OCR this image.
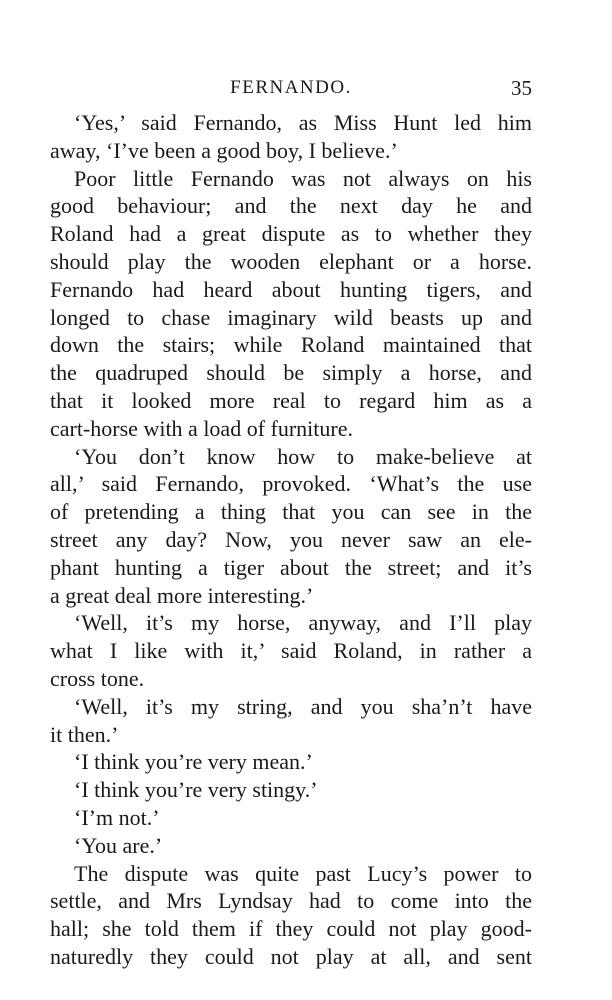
FERNANDO.	35
‘Yes,’ said Fernando, as Miss Hunt led him
away, ‘I’ve been a good boy, I believe.’
Poor little Fernando was not always on his
good behaviour; and the next day he and
Roland had a great dispute as to whether they
should play the wooden elephant or a horse.
Fernando had heard about hunting tigers, and
longed to chase imaginary wild beasts up and
down the stairs; while Roland maintained that
the quadruped should be simply a horse, and
that it looked more real to regard him as a
cart-horse with a load of furniture.
‘You don’t know how to make-believe at
all,’ said Fernando, provoked. ‘What’s the use
of pretending a thing that you can see in the
street any day? Now, you never saw an ele-
phant hunting a tiger about the street; and it’s
a great deal more interesting.’
‘Well, it’s my horse, anyway, and I’ll play
what I like with it,’ said Roland, in rather a
cross tone.
‘Well, it’s my string, and you sha’n’t have
it then.’
‘I think you’re very mean.’
‘I think you’re very stingy.’
‘I’m not.’
‘You are.’
The dispute was quite past Lucy’s power to
settle, and Mrs Lyndsay had to come into the
hall; she told them if they could not play good-
naturedly they could not play at all, and sent
